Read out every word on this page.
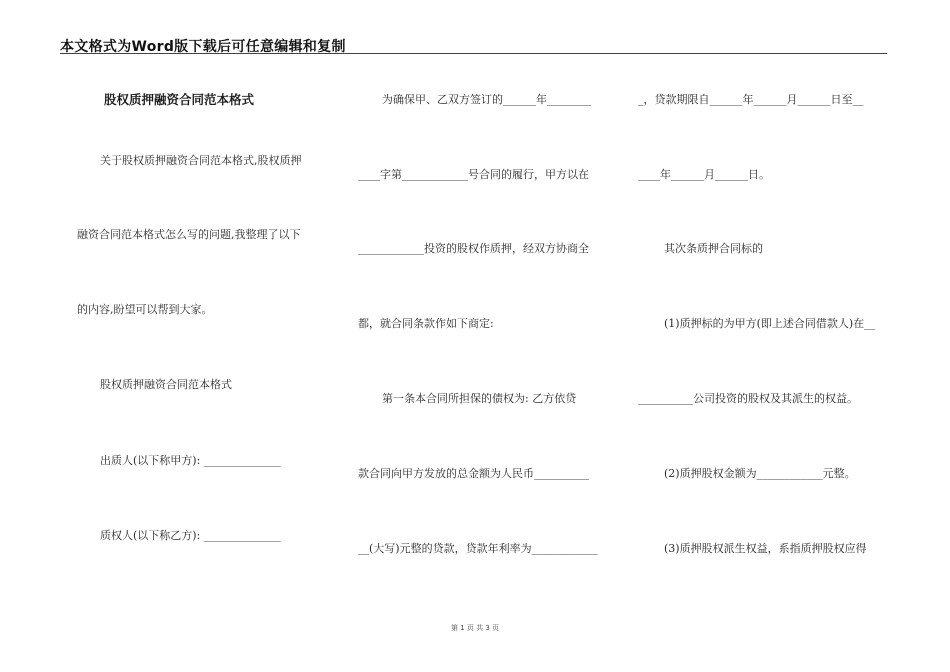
本文格式为Word版下载后可任意编辑和复制
股权质押融资合同范本格式
关于股权质押融资合同范本格式,股权质押
融资合同范本格式怎么写的问题,我整理了以下
的内容,盼望可以帮到大家。
股权质押融资合同范本格式
出质人(以下称甲方): ______________
质权人(以下称乙方): ______________
为确保甲、乙双方签订的______年________
____字第____________号合同的履行，甲方以在
____________投资的股权作质押，经双方协商全
都，就合同条款作如下商定:
第一条本合同所担保的债权为: 乙方依贷
款合同向甲方发放的总金额为人民币__________
__(大写)元整的贷款，贷款年利率为____________
_，贷款期限自______年______月______日至__
____年______月______日。
其次条质押合同标的
(1)质押标的为甲方(即上述合同借款人)在__
__________公司投资的股权及其派生的权益。
(2)质押股权金额为____________元整。
(3)质押股权派生权益，系指质押股权应得
第 1 页 共 3 页
